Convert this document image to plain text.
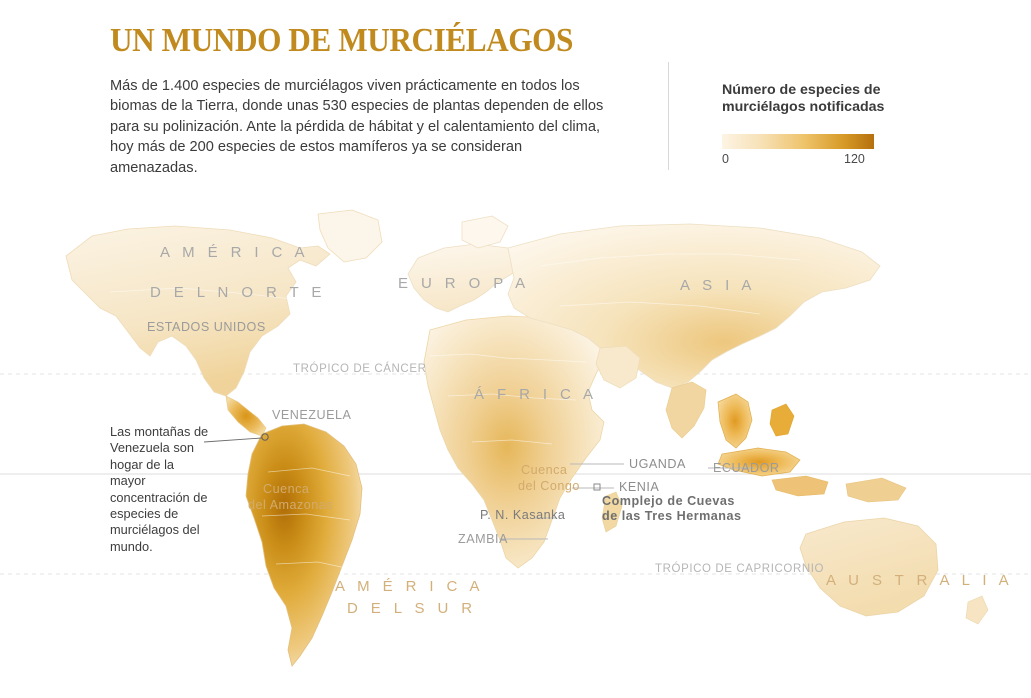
UN MUNDO DE MURCIÉLAGOS
Más de 1.400 especies de murciélagos viven prácticamente en todos los biomas de la Tierra, donde unas 530 especies de plantas dependen de ellos para su polinización. Ante la pérdida de hábitat y el calentamiento del clima, hoy más de 200 especies de estos mamíferos ya se consideran amenazadas.
Número de especies de murciélagos notificadas
0	120
A M É R I C A
D E L N O R T E
E U R O P A	A S I A
Á F R I C A
A M É R I C A
D E L S U R
A U S T R A L I A
ESTADOS UNIDOS
VENEZUELA
UGANDA
KENIA
ECUADOR
ZAMBIA
TRÓPICO DE CÁNCER
TRÓPICO DE CAPRICORNIO
Cuenca
del Amazonas
Cuenca
del Congo
P. N. Kasanka
Complejo de Cuevas
de las Tres Hermanas
Las montañas de Venezuela son hogar de la mayor concentración de especies de murciélagos del mundo.
